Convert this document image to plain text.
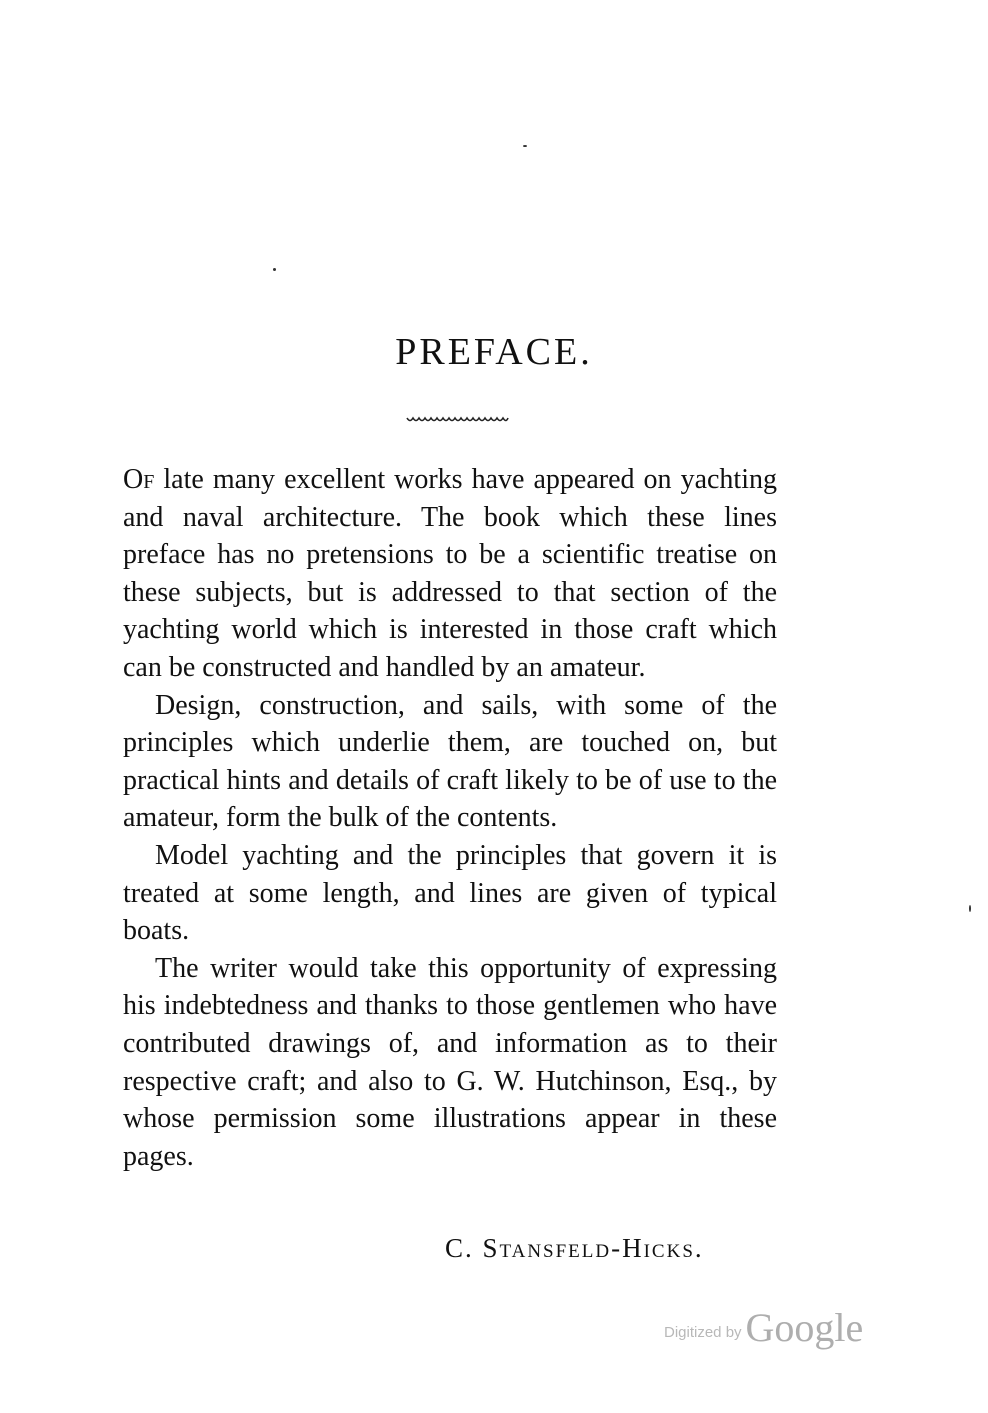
PREFACE.

Of late many excellent works have appeared on yachting and naval architecture. The book which these lines preface has no pretensions to be a scientific treatise on these subjects, but is addressed to that section of the yachting world which is interested in those craft which can be constructed and handled by an amateur.

Design, construction, and sails, with some of the principles which underlie them, are touched on, but practical hints and details of craft likely to be of use to the amateur, form the bulk of the contents.

Model yachting and the principles that govern it is treated at some length, and lines are given of typical boats.

The writer would take this opportunity of expressing his indebtedness and thanks to those gentlemen who have contributed drawings of, and information as to their respective craft; and also to G. W. Hutchinson, Esq., by whose permission some illustrations appear in these pages.

C. Stansfeld-Hicks.

Digitized by Google
